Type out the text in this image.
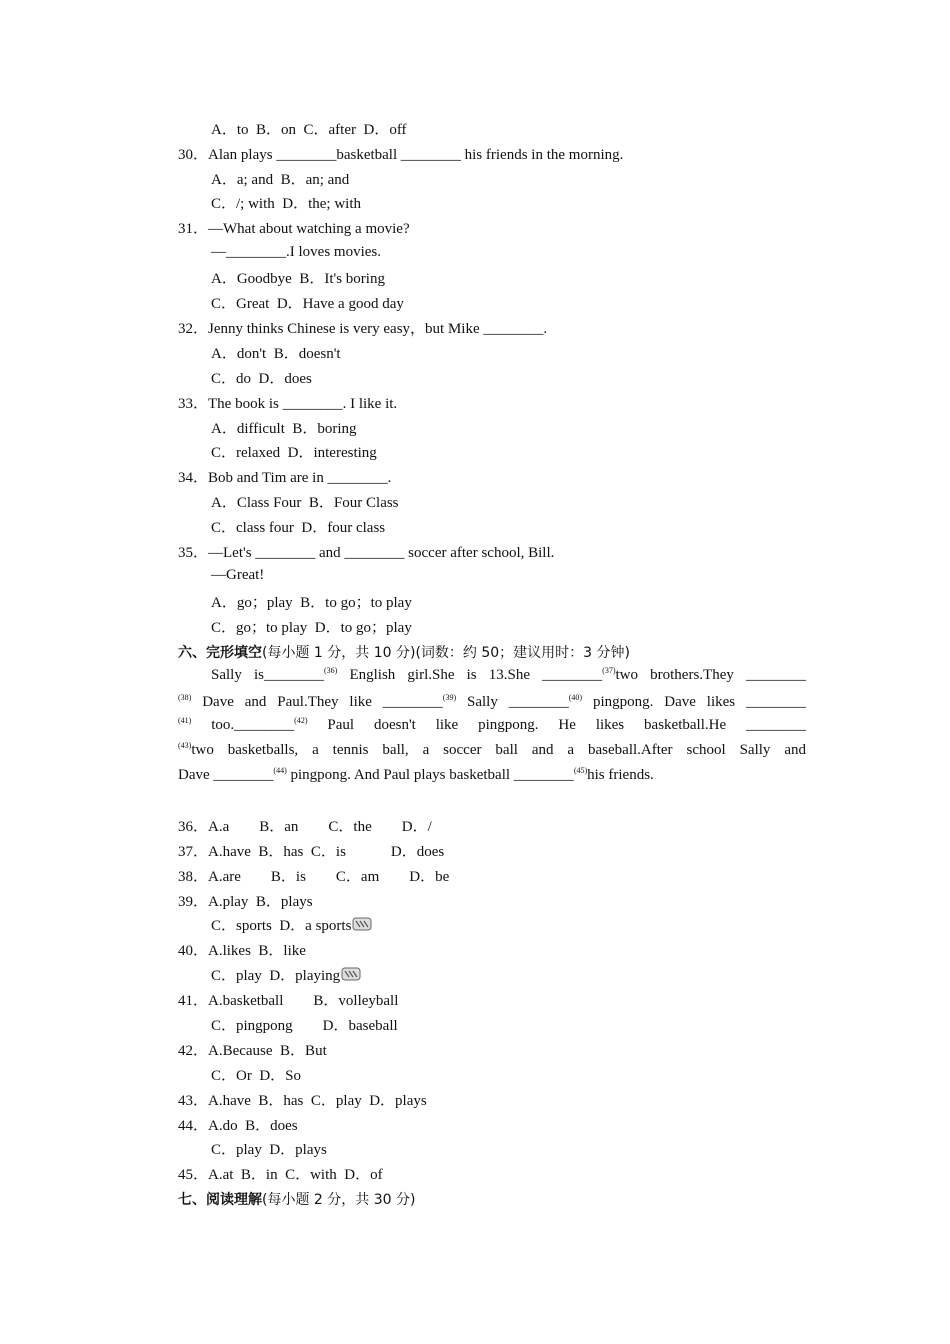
A．to  B．on  C．after  D．off
30．Alan plays ________basketball ________ his friends in the morning.
A．a; and  B．an; and
C．/; with  D．the; with
31．—What about watching a movie?
—________.I loves movies.
A．Goodbye  B．It's boring
C．Great  D．Have a good day
32．Jenny thinks Chinese is very easy，but Mike ________.
A．don't  B．doesn't
C．do  D．does
33．The book is ________. I like it.
A．difficult  B．boring
C．relaxed  D．interesting
34．Bob and Tim are in ________.
A．Class Four  B．Four Class
C．class four  D．four class
35．—Let's ________ and ________ soccer after school, Bill.
—Great!
A．go；play  B．to go；to play
C．go；to play  D．to go；play
六、完形填空(每小题 1 分，共 10 分)(词数：约 50；建议用时：3 分钟)
Sally is________$^{(36)}$ English girl.She is 13.She ________$^{(37)}$two brothers.They ________
$^{(38)}$ Dave and Paul.They like ________$^{(39)}$ Sally ________$^{(40)}$ pingpong. Dave likes ________
$^{(41)}$ too.________$^{(42)}$ Paul doesn't like pingpong. He likes basketball.He ________
$^{(43)}$two basketballs, a tennis ball, a soccer ball and a baseball.After school Sally and
Dave ________$^{(44)}$ pingpong. And Paul plays basketball ________$^{(45)}$his friends.
36．A.a        B．an        C．the        D．/
37．A.have  B．has  C．is            D．does
38．A.are        B．is        C．am        D．be
39．A.play  B．plays
C．sports  D．a sports
40．A.likes  B．like
C．play  D．playing
41．A.basketball        B．volleyball
C．pingpong        D．baseball
42．A.Because  B．But
C．Or  D．So
43．A.have  B．has  C．play  D．plays
44．A.do  B．does
C．play  D．plays
45．A.at  B．in  C．with  D．of
七、阅读理解(每小题 2 分，共 30 分)
